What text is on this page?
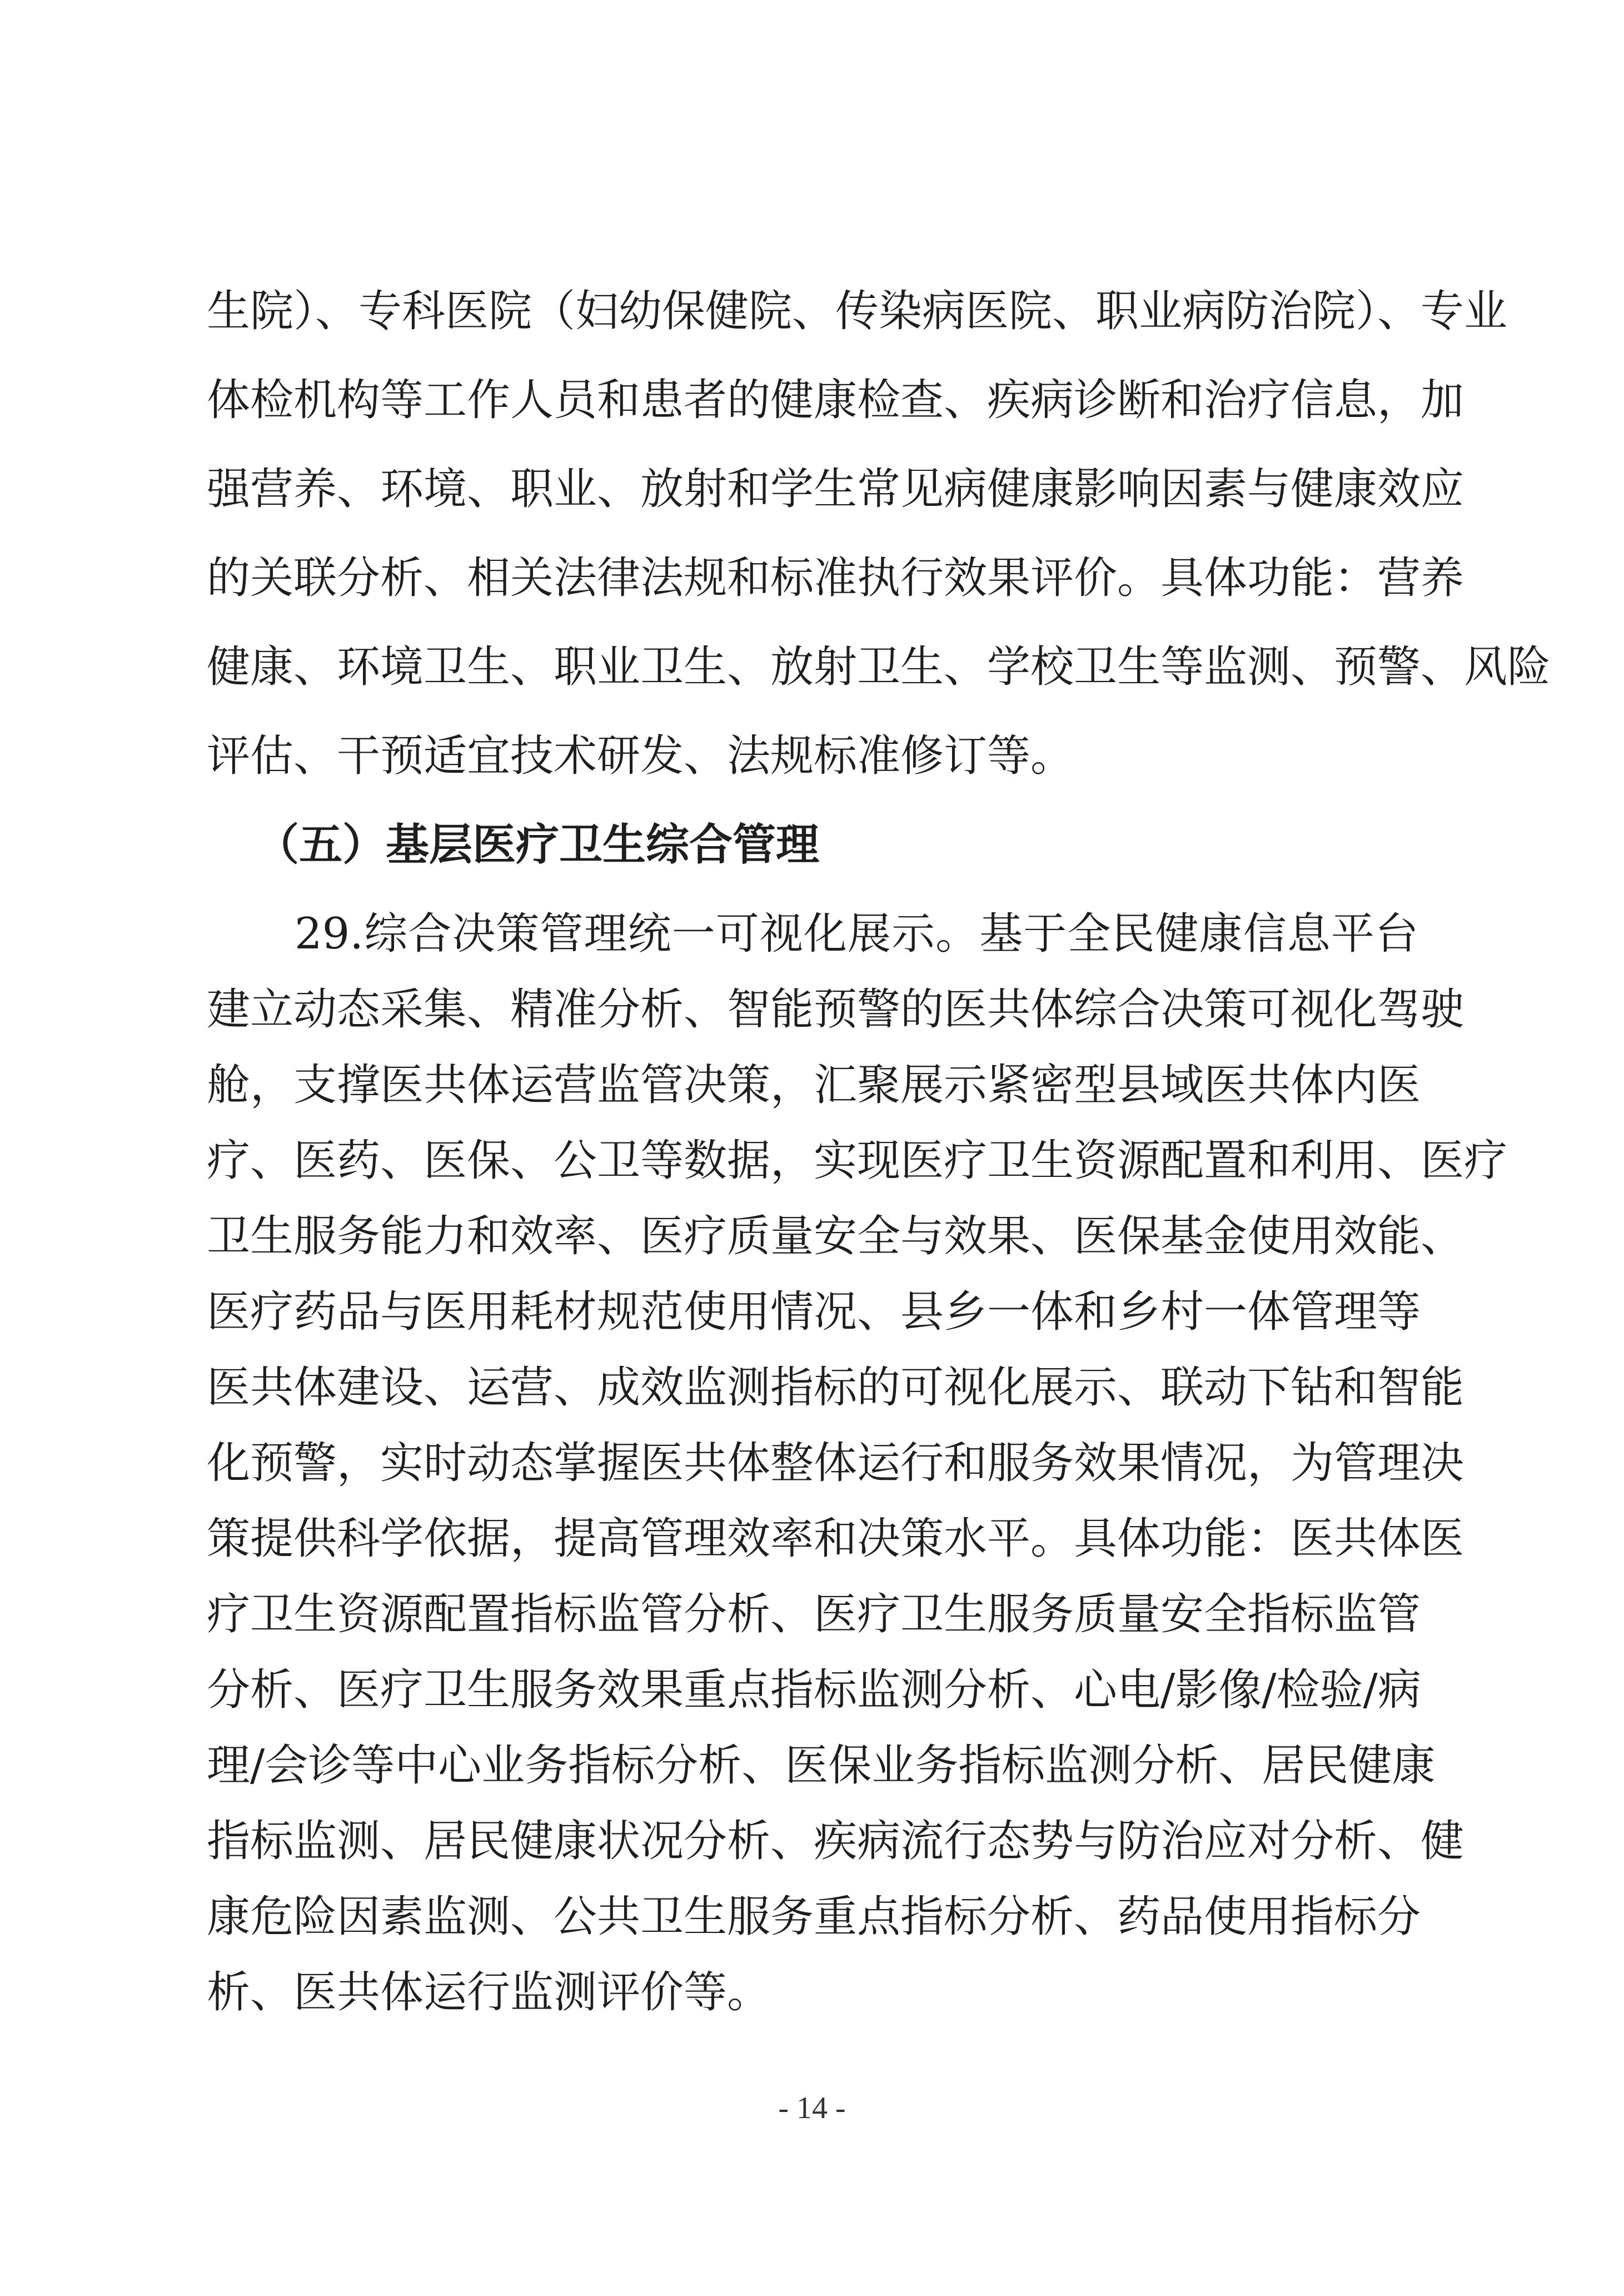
生院）、专科医院（妇幼保健院、传染病医院、职业病防治院）、专业
体检机构等工作人员和患者的健康检查、疾病诊断和治疗信息，加
强营养、环境、职业、放射和学生常见病健康影响因素与健康效应
的关联分析、相关法律法规和标准执行效果评价。具体功能：营养
健康、环境卫生、职业卫生、放射卫生、学校卫生等监测、预警、风险
评估、干预适宜技术研发、法规标准修订等。
（五）基层医疗卫生综合管理
29.综合决策管理统一可视化展示。基于全民健康信息平台
建立动态采集、精准分析、智能预警的医共体综合决策可视化驾驶
舱，支撑医共体运营监管决策，汇聚展示紧密型县域医共体内医
疗、医药、医保、公卫等数据，实现医疗卫生资源配置和利用、医疗
卫生服务能力和效率、医疗质量安全与效果、医保基金使用效能、
医疗药品与医用耗材规范使用情况、县乡一体和乡村一体管理等
医共体建设、运营、成效监测指标的可视化展示、联动下钻和智能
化预警，实时动态掌握医共体整体运行和服务效果情况，为管理决
策提供科学依据，提高管理效率和决策水平。具体功能：医共体医
疗卫生资源配置指标监管分析、医疗卫生服务质量安全指标监管
分析、医疗卫生服务效果重点指标监测分析、心电/影像/检验/病
理/会诊等中心业务指标分析、医保业务指标监测分析、居民健康
指标监测、居民健康状况分析、疾病流行态势与防治应对分析、健
- 14 -
康危险因素监测、公共卫生服务重点指标分析、药品使用指标分
析、医共体运行监测评价等。
